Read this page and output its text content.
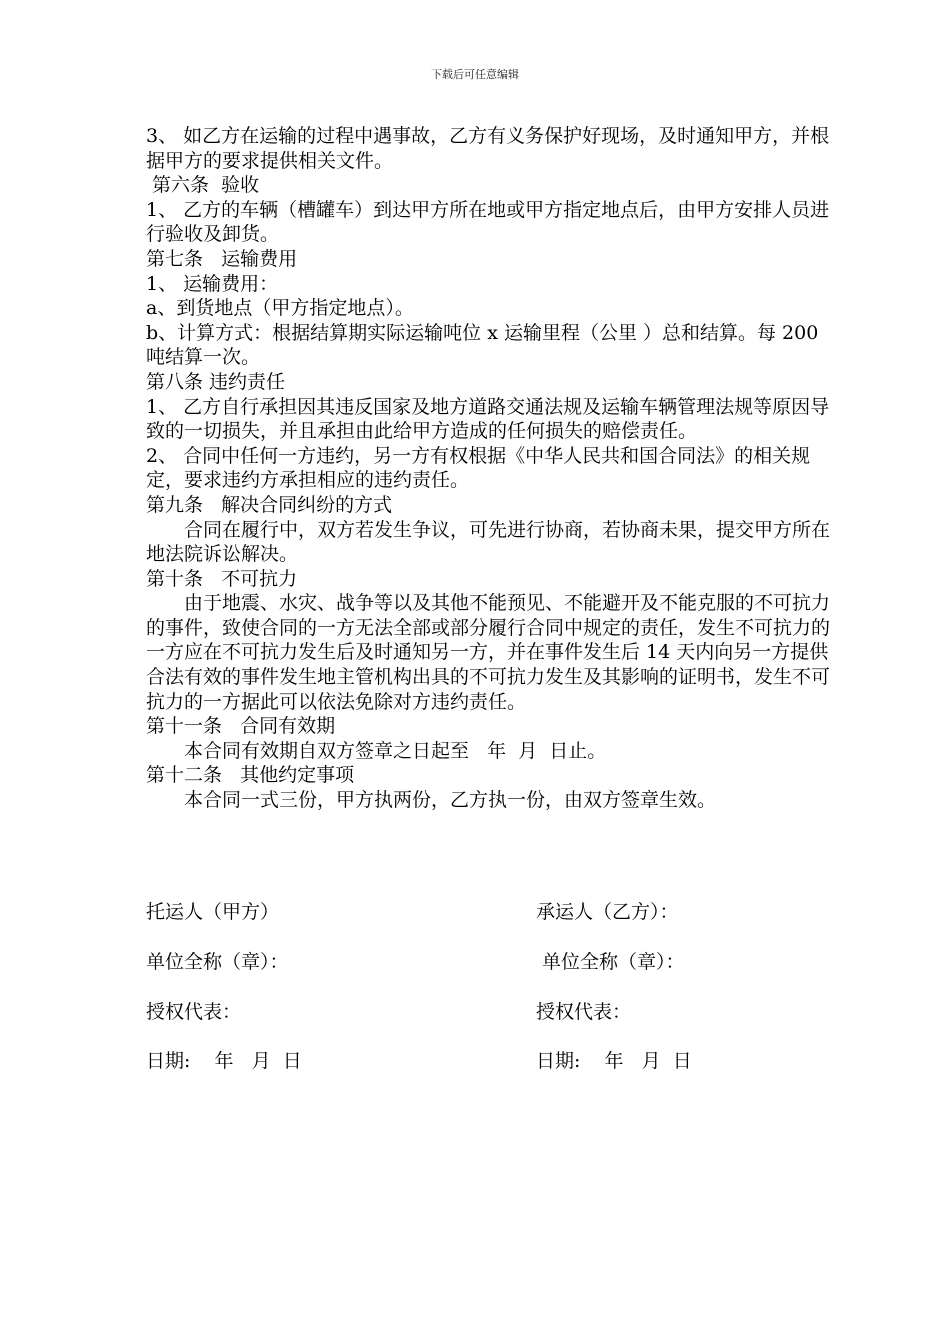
下载后可任意编辑

3、 如乙方在运输的过程中遇事故，乙方有义务保护好现场，及时通知甲方，并根据甲方的要求提供相关文件。

第六条  验收

1、 乙方的车辆（槽罐车）到达甲方所在地或甲方指定地点后，由甲方安排人员进行验收及卸货。

第七条   运输费用

1、 运输费用：

a、到货地点（甲方指定地点）。

b、计算方式：根据结算期实际运输吨位 x 运输里程（公里 ）总和结算。每 200 吨结算一次。

第八条 违约责任

1、 乙方自行承担因其违反国家及地方道路交通法规及运输车辆管理法规等原因导致的一切损失，并且承担由此给甲方造成的任何损失的赔偿责任。

2、 合同中任何一方违约，另一方有权根据《中华人民共和国合同法》的相关规定，要求违约方承担相应的违约责任。

第九条   解决合同纠纷的方式

合同在履行中，双方若发生争议，可先进行协商，若协商未果，提交甲方所在地法院诉讼解决。

第十条   不可抗力

由于地震、水灾、战争等以及其他不能预见、不能避开及不能克服的不可抗力的事件，致使合同的一方无法全部或部分履行合同中规定的责任，发生不可抗力的一方应在不可抗力发生后及时通知另一方，并在事件发生后 14 天内向另一方提供合法有效的事件发生地主管机构出具的不可抗力发生及其影响的证明书，发生不可抗力的一方据此可以依法免除对方违约责任。

第十一条   合同有效期

本合同有效期自双方签章之日起至   年  月  日止。

第十二条   其他约定事项

本合同一式三份，甲方执两份，乙方执一份，由双方签章生效。

托运人（甲方）	承运人（乙方）：
单位全称（章）：	单位全称（章）：
授权代表：	授权代表：
日期:    年   月  日	日期:    年   月  日
